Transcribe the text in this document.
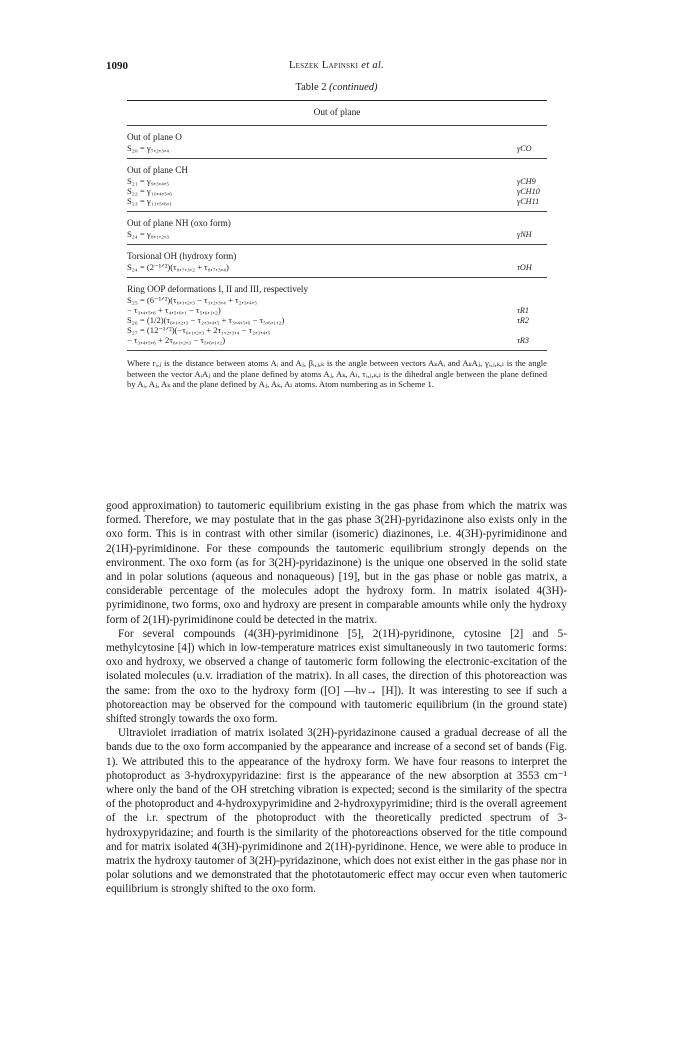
1090	Leszek Lapinski et al.
Table 2 (continued)
Out of plane
Out of plane O
S₂₀ = γ₇,₂,₃,₄	γCO
Out of plane CH
S₂₁ = γ₉,₃,₄,₅	γCH9
S₂₂ = γ₁₀,₄,₅,₆	γCH10
S₂₃ = γ₁₁,₅,₆,₁	γCH11
Out of plane NH (oxo form)
S₂₄ = γ₈,₁,₂,₃	γNH
Torsional OH (hydroxy form)
S₂₄ = (2⁻¹ᐟ²)(τ₈,₇,₃,₂ + τ₈,₇,₃,₄)	τOH
Ring OOP deformations I, II and III, respectively
S₂₅ = (6⁻¹ᐟ²)(τ₆,₁,₂,₃ − τ₁,₂,₃,₄ + τ₂,₃,₄,₅
− τ₃,₄,₅,₆ + τ₄,₅,₆,₁ − τ₅,₆,₁,₂)	τR1
S₂₆ = (1/2)(τ₆,₁,₂,₃ − τ₂,₃,₄,₅ + τ₃,₄,₅,₆ − τ₅,₆,₁,₂)	τR2
S₂₇ = (12⁻¹ᐟ²)(−τ₆,₁,₂,₃ + 2τ₁,₂,₃,₄ − τ₂,₃,₄,₅
− τ₃,₄,₅,₆ + 2τ₆,₁,₂,₃ − τ₅,₆,₁,₂)	τR3
Where rᵢ,ⱼ is the distance between atoms Aᵢ and Aⱼ, βᵢ,ⱼ,ₖ is the angle between vectors AₖAᵢ and AₖAⱼ, γᵢ,ⱼ,ₖ,ₗ is the angle between the vector AᵢAⱼ and the plane defined by atoms Aⱼ, Aₖ, Aₗ, τᵢ,ⱼ,ₖ,ₗ is the dihedral angle between the plane defined by Aᵢ, Aⱼ, Aₖ and the plane defined by Aⱼ, Aₖ, Aₗ atoms. Atom numbering as in Scheme 1.

good approximation) to tautomeric equilibrium existing in the gas phase from which the matrix was formed. Therefore, we may postulate that in the gas phase 3(2H)-pyridazinone also exists only in the oxo form. This is in contrast with other similar (isomeric) diazinones, i.e. 4(3H)-pyrimidinone and 2(1H)-pyrimidinone. For these compounds the tautomeric equilibrium strongly depends on the environment. The oxo form (as for 3(2H)-pyridazinone) is the unique one observed in the solid state and in polar solutions (aqueous and nonaqueous) [19], but in the gas phase or noble gas matrix, a considerable percentage of the molecules adopt the hydroxy form. In matrix isolated 4(3H)-pyrimidinone, two forms, oxo and hydroxy are present in comparable amounts while only the hydroxy form of 2(1H)-pyrimidinone could be detected in the matrix.

For several compounds (4(3H)-pyrimidinone [5], 2(1H)-pyridinone, cytosine [2] and 5-methylcytosine [4]) which in low-temperature matrices exist simultaneously in two tautomeric forms: oxo and hydroxy, we observed a change of tautomeric form following the electronic-excitation of the isolated molecules (u.v. irradiation of the matrix). In all cases, the direction of this photoreaction was the same: from the oxo to the hydroxy form ([O] ―hν→ [H]). It was interesting to see if such a photoreaction may be observed for the compound with tautomeric equilibrium (in the ground state) shifted strongly towards the oxo form.

Ultraviolet irradiation of matrix isolated 3(2H)-pyridazinone caused a gradual decrease of all the bands due to the oxo form accompanied by the appearance and increase of a second set of bands (Fig. 1). We attributed this to the appearance of the hydroxy form. We have four reasons to interpret the photoproduct as 3-hydroxypyridazine: first is the appearance of the new absorption at 3553 cm⁻¹ where only the band of the OH stretching vibration is expected; second is the similarity of the spectra of the photoproduct and 4-hydroxypyrimidine and 2-hydroxypyrimidine; third is the overall agreement of the i.r. spectrum of the photoproduct with the theoretically predicted spectrum of 3-hydroxypyridazine; and fourth is the similarity of the photoreactions observed for the title compound and for matrix isolated 4(3H)-pyrimidinone and 2(1H)-pyridinone. Hence, we were able to produce in matrix the hydroxy tautomer of 3(2H)-pyridazinone, which does not exist either in the gas phase nor in polar solutions and we demonstrated that the phototautomeric effect may occur even when tautomeric equilibrium is strongly shifted to the oxo form.
